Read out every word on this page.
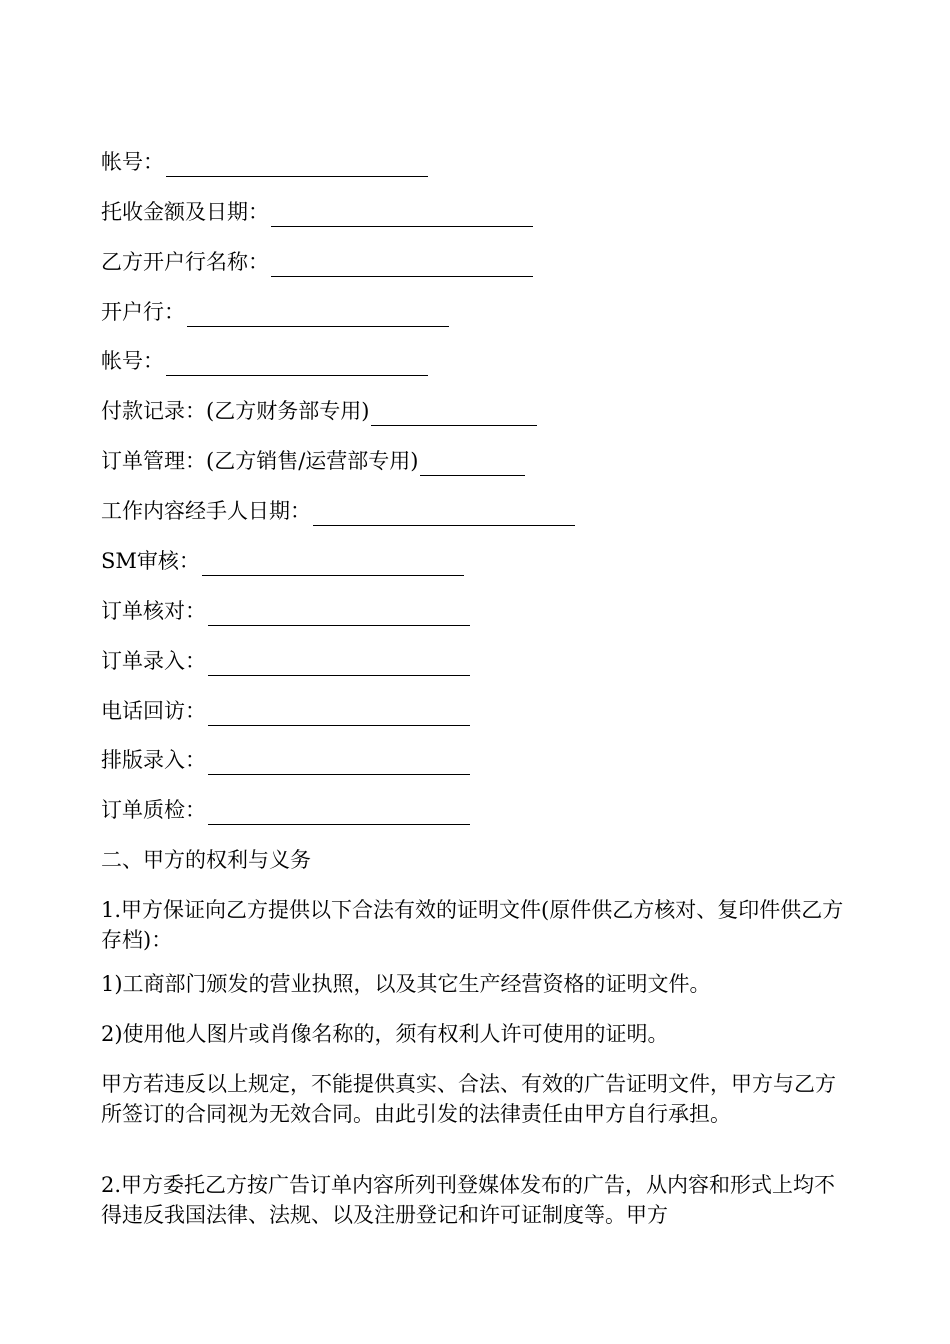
帐号：
托收金额及日期：
乙方开户行名称：
开户行：
帐号：
付款记录：(乙方财务部专用)
订单管理：(乙方销售/运营部专用)
工作内容经手人日期：
SM审核：
订单核对：
订单录入：
电话回访：
排版录入：
订单质检：
二、甲方的权利与义务
1.甲方保证向乙方提供以下合法有效的证明文件(原件供乙方核对、复印件供乙方存档)：
1)工商部门颁发的营业执照，以及其它生产经营资格的证明文件。
2)使用他人图片或肖像名称的，须有权利人许可使用的证明。
甲方若违反以上规定，不能提供真实、合法、有效的广告证明文件，甲方与乙方所签订的合同视为无效合同。由此引发的法律责任由甲方自行承担。
2.甲方委托乙方按广告订单内容所列刊登媒体发布的广告，从内容和形式上均不得违反我国法律、法规、以及注册登记和许可证制度等。甲方
